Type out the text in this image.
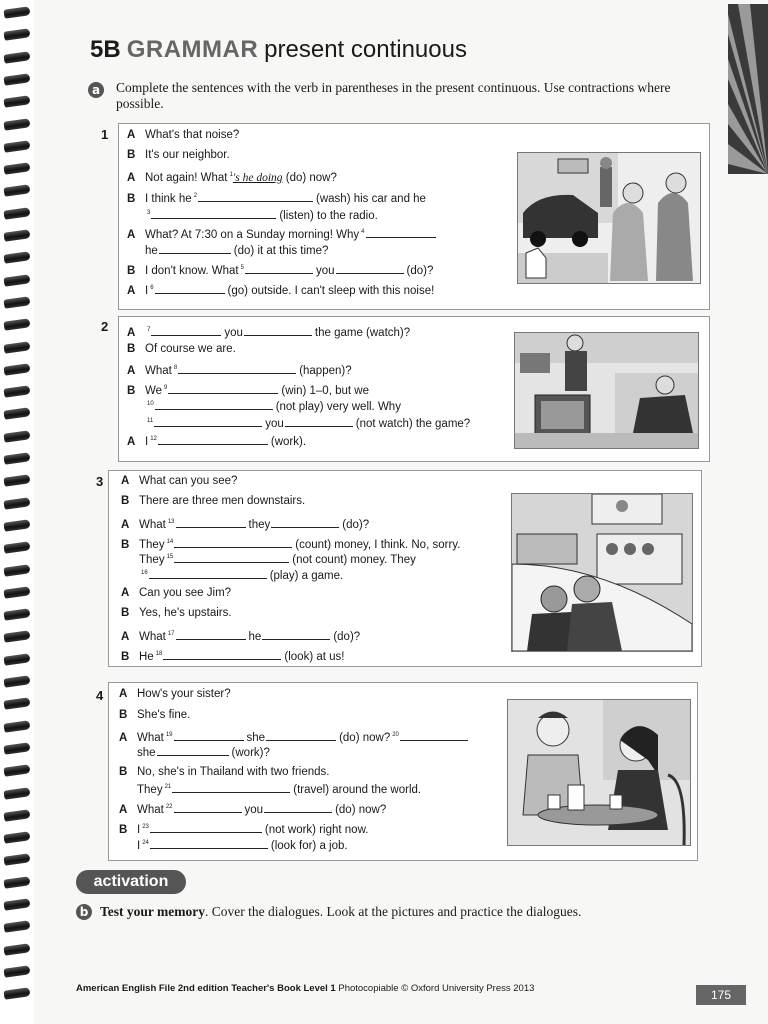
5B GRAMMAR present continuous
a Complete the sentences with the verb in parentheses in the present continuous. Use contractions where possible.
1 A What's that noise?
B It's our neighbor.
A Not again! What $^1$'s he doing (do) now?
B I think he $^2$	(wash) his car and he
$^3$	(listen) to the radio.
A What? At 7:30 on a Sunday morning! Why $^4$
he	(do) it at this time?
B I don't know. What $^5$	you	(do)?
A I $^6$	(go) outside. I can't sleep with this noise!
2 A $^7$	you	the game (watch)?
B Of course we are.
A What $^8$	(happen)?
B We $^9$	(win) 1–0, but we
$^{10}$	(not play) very well. Why
$^{11}$	you	(not watch) the game?
A I $^{12}$	(work).
3 A What can you see?
B There are three men downstairs.
A What $^{13}$	they	(do)?
B They $^{14}$	(count) money, I think. No, sorry.
They $^{15}$	(not count) money. They
$^{16}$	(play) a game.
A Can you see Jim?
B Yes, he's upstairs.
A What $^{17}$	he	(do)?
B He $^{18}$	(look) at us!
4 A How's your sister?
B She's fine.
A What $^{19}$	she	(do) now? $^{20}$
she	(work)?
B No, she's in Thailand with two friends.
They $^{21}$	(travel) around the world.
A What $^{22}$	you	(do) now?
B I $^{23}$	(not work) right now.
I $^{24}$	(look for) a job.
activation
b Test your memory. Cover the dialogues. Look at the pictures and practice the dialogues.
American English File 2nd edition Teacher's Book Level 1 Photocopiable © Oxford University Press 2013	175
